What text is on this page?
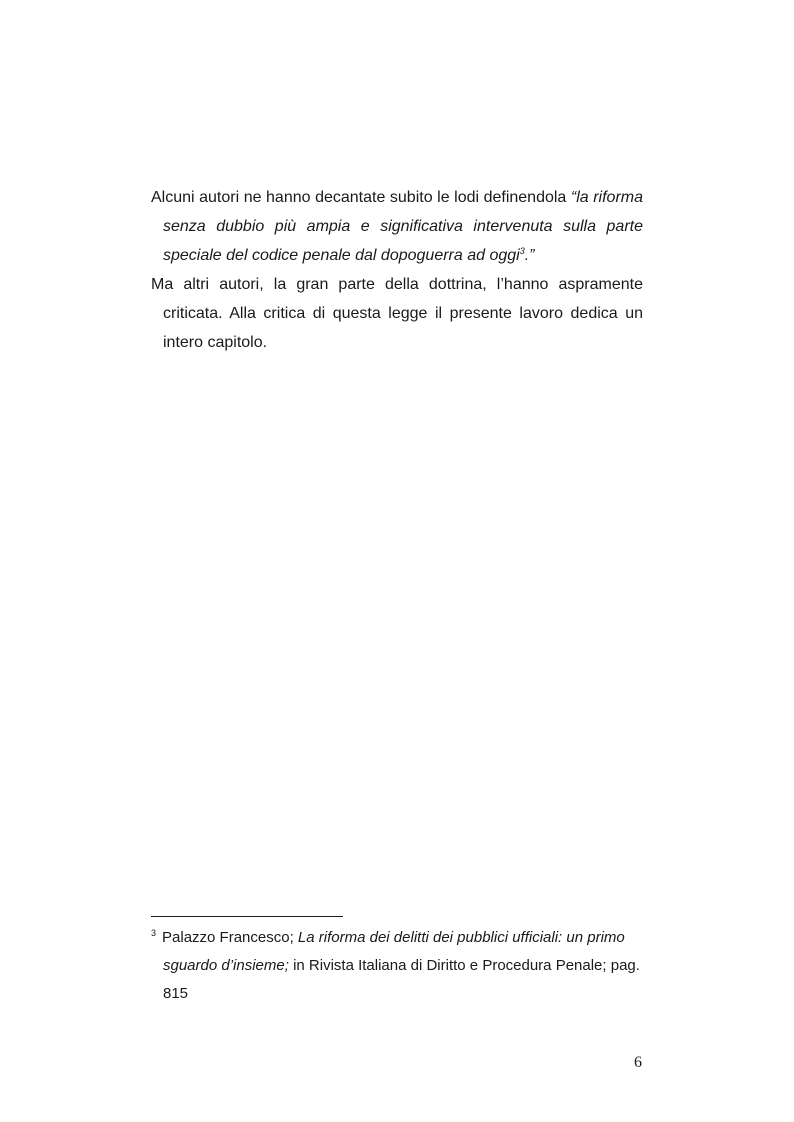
Alcuni autori ne hanno decantate subito le lodi definendola “la riforma senza dubbio più ampia e significativa intervenuta sulla parte speciale del codice penale dal dopoguerra ad oggi$^3$.”

Ma altri autori, la gran parte della dottrina, l’hanno aspramente criticata. Alla critica di questa legge il presente lavoro dedica un intero capitolo.

$^3$ Palazzo Francesco; La riforma dei delitti dei pubblici ufficiali: un primo sguardo d’insieme; in Rivista Italiana di Diritto e Procedura Penale; pag. 815

6
